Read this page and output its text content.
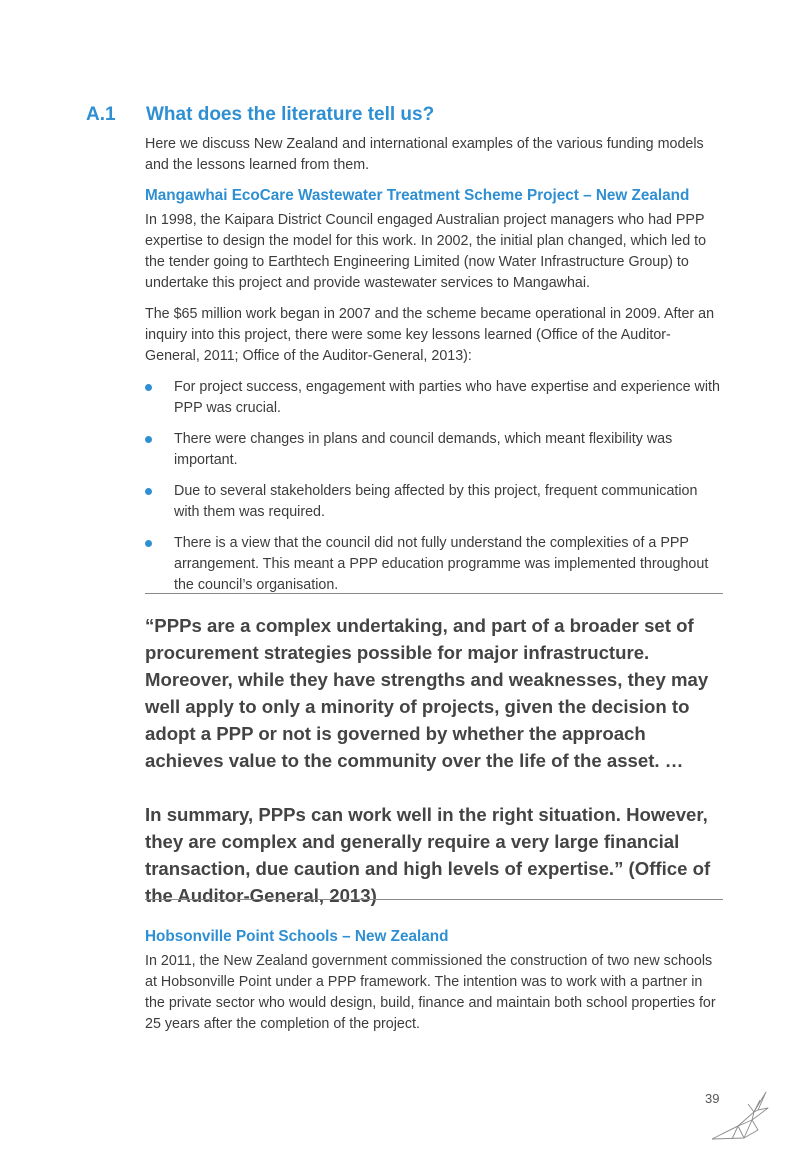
A.1 What does the literature tell us?

Here we discuss New Zealand and international examples of the various funding models and the lessons learned from them.

Mangawhai EcoCare Wastewater Treatment Scheme Project – New Zealand

In 1998, the Kaipara District Council engaged Australian project managers who had PPP expertise to design the model for this work. In 2002, the initial plan changed, which led to the tender going to Earthtech Engineering Limited (now Water Infrastructure Group) to undertake this project and provide wastewater services to Mangawhai.

The $65 million work began in 2007 and the scheme became operational in 2009. After an inquiry into this project, there were some key lessons learned (Office of the Auditor-General, 2011; Office of the Auditor-General, 2013):

For project success, engagement with parties who have expertise and experience with PPP was crucial.
There were changes in plans and council demands, which meant flexibility was important.
Due to several stakeholders being affected by this project, frequent communication with them was required.
There is a view that the council did not fully understand the complexities of a PPP arrangement. This meant a PPP education programme was implemented throughout the council’s organisation.

“PPPs are a complex undertaking, and part of a broader set of procurement strategies possible for major infrastructure. Moreover, while they have strengths and weaknesses, they may well apply to only a minority of projects, given the decision to adopt a PPP or not is governed by whether the approach achieves value to the community over the life of the asset. …

In summary, PPPs can work well in the right situation. However, they are complex and generally require a very large financial transaction, due caution and high levels of expertise.” (Office of the Auditor-General, 2013)

Hobsonville Point Schools – New Zealand

In 2011, the New Zealand government commissioned the construction of two new schools at Hobsonville Point under a PPP framework. The intention was to work with a partner in the private sector who would design, build, finance and maintain both school properties for 25 years after the completion of the project.

39
